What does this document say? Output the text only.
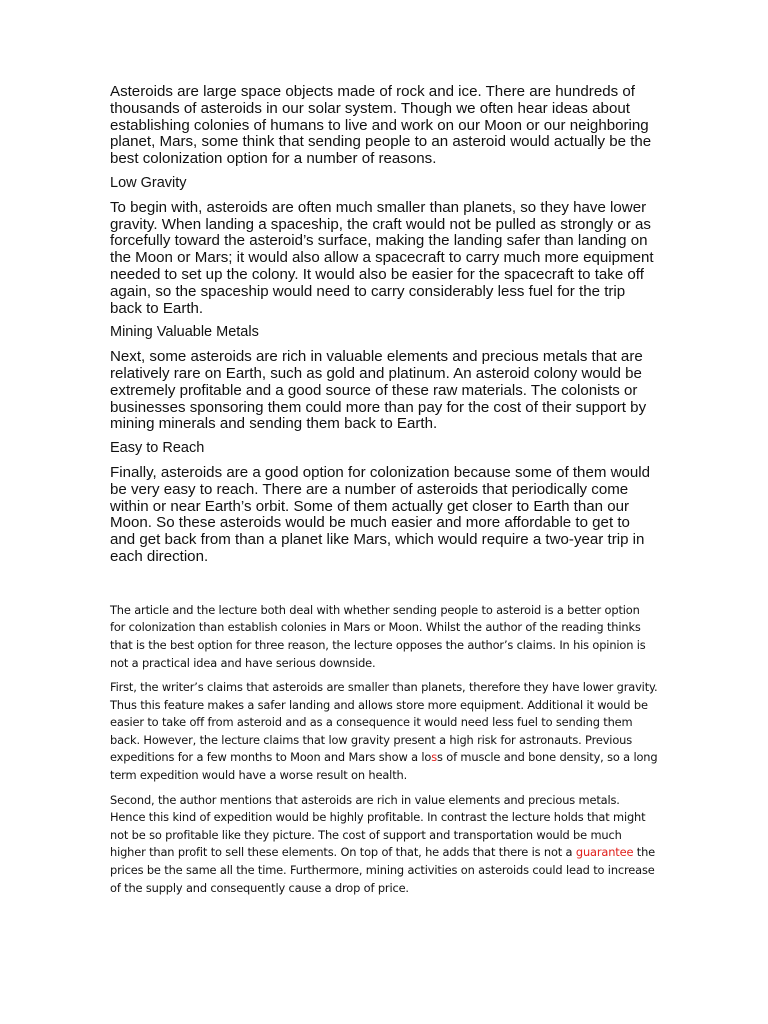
Asteroids are large space objects made of rock and ice. There are hundreds of thousands of asteroids in our solar system. Though we often hear ideas about establishing colonies of humans to live and work on our Moon or our neighboring planet, Mars, some think that sending people to an asteroid would actually be the best colonization option for a number of reasons.

Low Gravity

To begin with, asteroids are often much smaller than planets, so they have lower gravity. When landing a spaceship, the craft would not be pulled as strongly or as forcefully toward the asteroid’s surface, making the landing safer than landing on the Moon or Mars; it would also allow a spacecraft to carry much more equipment needed to set up the colony. It would also be easier for the spacecraft to take off again, so the spaceship would need to carry considerably less fuel for the trip back to Earth.

Mining Valuable Metals

Next, some asteroids are rich in valuable elements and precious metals that are relatively rare on Earth, such as gold and platinum. An asteroid colony would be extremely profitable and a good source of these raw materials. The colonists or businesses sponsoring them could more than pay for the cost of their support by mining minerals and sending them back to Earth.

Easy to Reach

Finally, asteroids are a good option for colonization because some of them would be very easy to reach. There are a number of asteroids that periodically come within or near Earth’s orbit. Some of them actually get closer to Earth than our Moon. So these asteroids would be much easier and more affordable to get to and get back from than a planet like Mars, which would require a two-year trip in each direction.

The article and the lecture both deal with whether sending people to asteroid is a better option for colonization than establish colonies in Mars or Moon. Whilst the author of the reading thinks that is the best option for three reason, the lecture opposes the author’s claims. In his opinion is not a practical idea and have serious downside.

First, the writer’s claims that asteroids are smaller than planets, therefore they have lower gravity. Thus this feature makes a safer landing and allows store more equipment. Additional it would be easier to take off from asteroid and as a consequence it would need less fuel to sending them back. However, the lecture claims that low gravity present a high risk for astronauts. Previous expeditions for a few months to Moon and Mars show a loss of muscle and bone density, so a long term expedition would have a worse result on health.

Second, the author mentions that asteroids are rich in value elements and precious metals. Hence this kind of expedition would be highly profitable. In contrast the lecture holds that might not be so profitable like they picture. The cost of support and transportation would be much higher than profit to sell these elements. On top of that, he adds that there is not a guarantee the prices be the same all the time. Furthermore, mining activities on asteroids could lead to increase of the supply and consequently cause a drop of price.
